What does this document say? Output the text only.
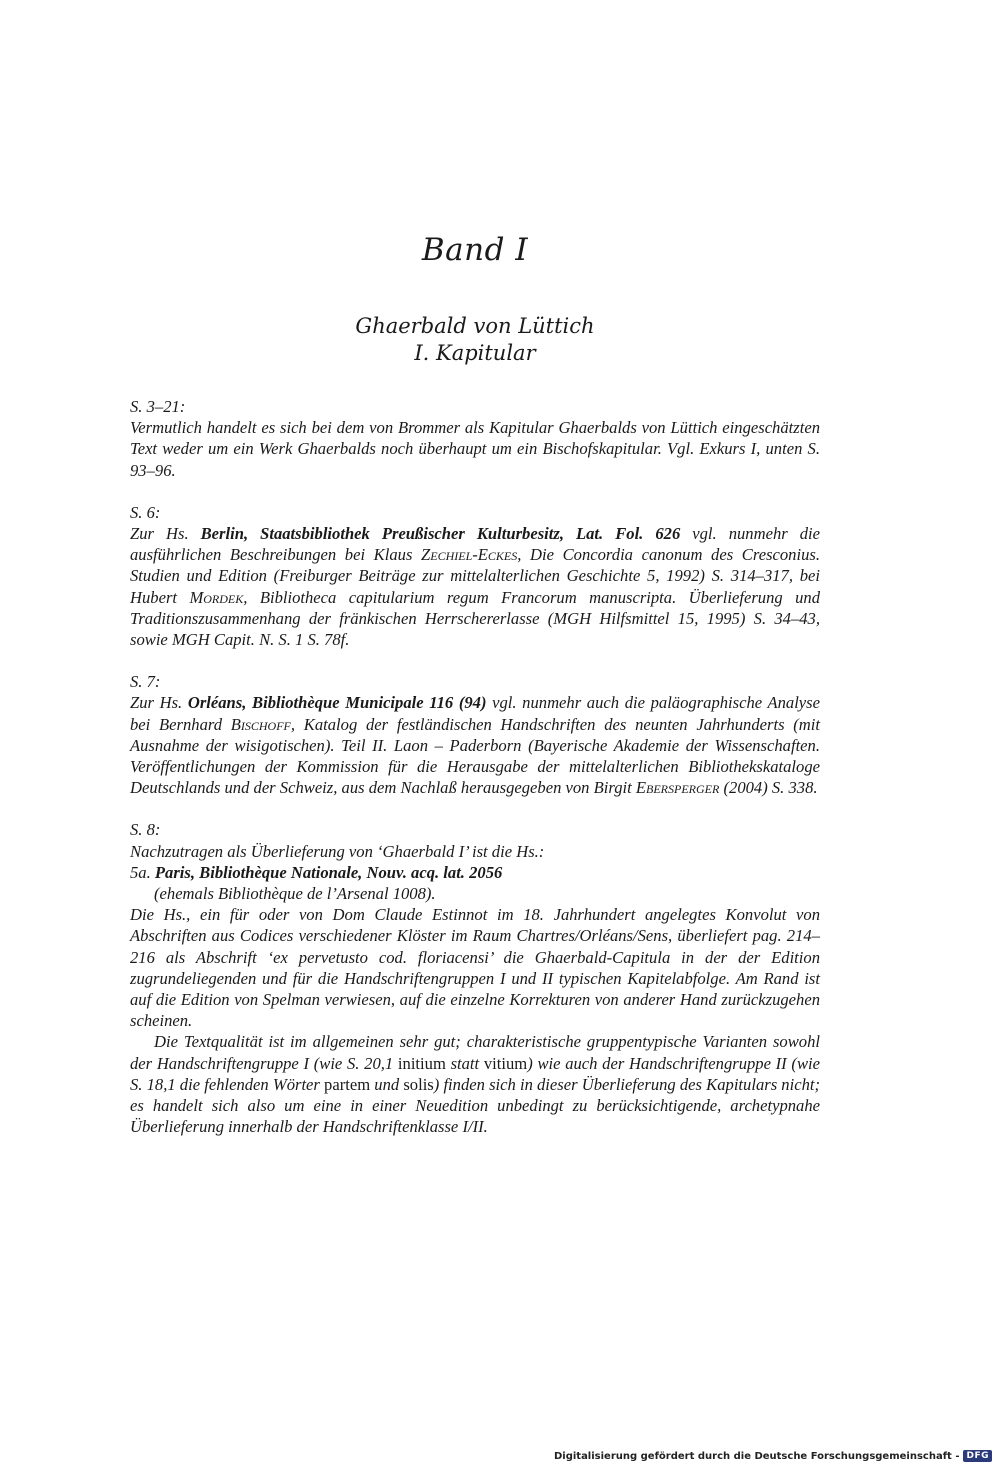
Band I
Ghaerbald von Lüttich
I. Kapitular
S. 3–21:

Vermutlich handelt es sich bei dem von Brommer als Kapitular Ghaerbalds von Lüttich eingeschätzten Text weder um ein Werk Ghaerbalds noch überhaupt um ein Bischofskapitular. Vgl. Exkurs I, unten S. 93–96.

S. 6:

Zur Hs. Berlin, Staatsbibliothek Preußischer Kulturbesitz, Lat. Fol. 626 vgl. nunmehr die ausführlichen Beschreibungen bei Klaus Zechiel-Eckes, Die Concordia canonum des Cresconius. Studien und Edition (Freiburger Beiträge zur mittelalterlichen Geschichte 5, 1992) S. 314–317, bei Hubert Mordek, Bibliotheca capitularium regum Francorum manuscripta. Überlieferung und Traditionszusammenhang der fränkischen Herrschererlasse (MGH Hilfsmittel 15, 1995) S. 34–43, sowie MGH Capit. N. S. 1 S. 78f.

S. 7:

Zur Hs. Orléans, Bibliothèque Municipale 116 (94) vgl. nunmehr auch die paläographische Analyse bei Bernhard Bischoff, Katalog der festländischen Handschriften des neunten Jahrhunderts (mit Ausnahme der wisigotischen). Teil II. Laon – Paderborn (Bayerische Akademie der Wissenschaften. Veröffentlichungen der Kommission für die Herausgabe der mittelalterlichen Bibliothekskataloge Deutschlands und der Schweiz, aus dem Nachlaß herausgegeben von Birgit Ebersperger (2004) S. 338.

S. 8:
Nachzutragen als Überlieferung von ‘Ghaerbald I’ ist die Hs.:
5a. Paris, Bibliothèque Nationale, Nouv. acq. lat. 2056
(ehemals Bibliothèque de l’Arsenal 1008).

Die Hs., ein für oder von Dom Claude Estinnot im 18. Jahrhundert angelegtes Konvolut von Abschriften aus Codices verschiedener Klöster im Raum Chartres/Orléans/Sens, überliefert pag. 214–216 als Abschrift ‘ex pervetusto cod. floriacensi’ die Ghaerbald-Capitula in der der Edition zugrundeliegenden und für die Handschriftengruppen I und II typischen Kapitelabfolge. Am Rand ist auf die Edition von Spelman verwiesen, auf die einzelne Korrekturen von anderer Hand zurückzugehen scheinen.

Die Textqualität ist im allgemeinen sehr gut; charakteristische gruppentypische Varianten sowohl der Handschriftengruppe I (wie S. 20,1 initium statt vitium) wie auch der Handschriftengruppe II (wie S. 18,1 die fehlenden Wörter partem und solis) finden sich in dieser Überlieferung des Kapitulars nicht; es handelt sich also um eine in einer Neuedition unbedingt zu berücksichtigende, archetypnahe Überlieferung innerhalb der Handschriftenklasse I/II.

Digitalisierung gefördert durch die Deutsche Forschungsgemeinschaft - DFG
